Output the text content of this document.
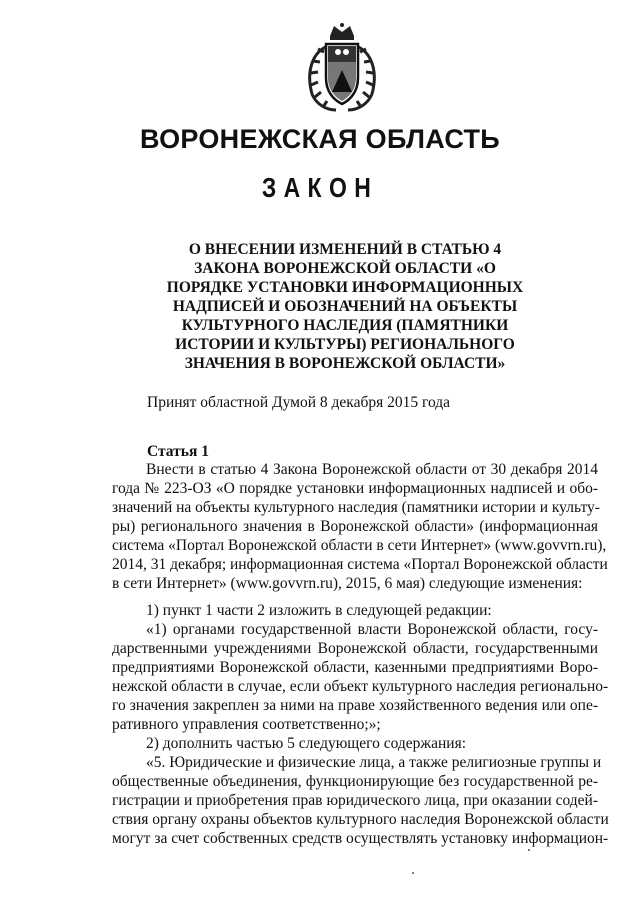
ВОРОНЕЖСКАЯ ОБЛАСТЬ
ЗАКОН
О ВНЕСЕНИИ ИЗМЕНЕНИЙ В СТАТЬЮ 4
ЗАКОНА ВОРОНЕЖСКОЙ ОБЛАСТИ «О
ПОРЯДКЕ УСТАНОВКИ ИНФОРМАЦИОННЫХ
НАДПИСЕЙ И ОБОЗНАЧЕНИЙ НА ОБЪЕКТЫ
КУЛЬТУРНОГО НАСЛЕДИЯ (ПАМЯТНИКИ
ИСТОРИИ И КУЛЬТУРЫ) РЕГИОНАЛЬНОГО
ЗНАЧЕНИЯ В ВОРОНЕЖСКОЙ ОБЛАСТИ»
Принят областной Думой 8 декабря 2015 года
Статья 1
Внести в статью 4 Закона Воронежской области от 30 декабря 2014
года № 223-ОЗ «О порядке установки информационных надписей и обо-
значений на объекты культурного наследия (памятники истории и культу-
ры) регионального значения в Воронежской области» (информационная
система «Портал Воронежской области в сети Интернет» (www.govvrn.ru),
2014, 31 декабря; информационная система «Портал Воронежской области
в сети Интернет» (www.govvrn.ru), 2015, 6 мая) следующие изменения:
1) пункт 1 части 2 изложить в следующей редакции:
«1) органами государственной власти Воронежской области, госу-
дарственными учреждениями Воронежской области, государственными
предприятиями Воронежской области, казенными предприятиями Воро-
нежской области в случае, если объект культурного наследия регионально-
го значения закреплен за ними на праве хозяйственного ведения или опе-
ративного управления соответственно;»;
2) дополнить частью 5 следующего содержания:
«5. Юридические и физические лица, а также религиозные группы и
общественные объединения, функционирующие без государственной ре-
гистрации и приобретения прав юридического лица, при оказании содей-
ствия органу охраны объектов культурного наследия Воронежской области
могут за счет собственных средств осуществлять установку информацион-
